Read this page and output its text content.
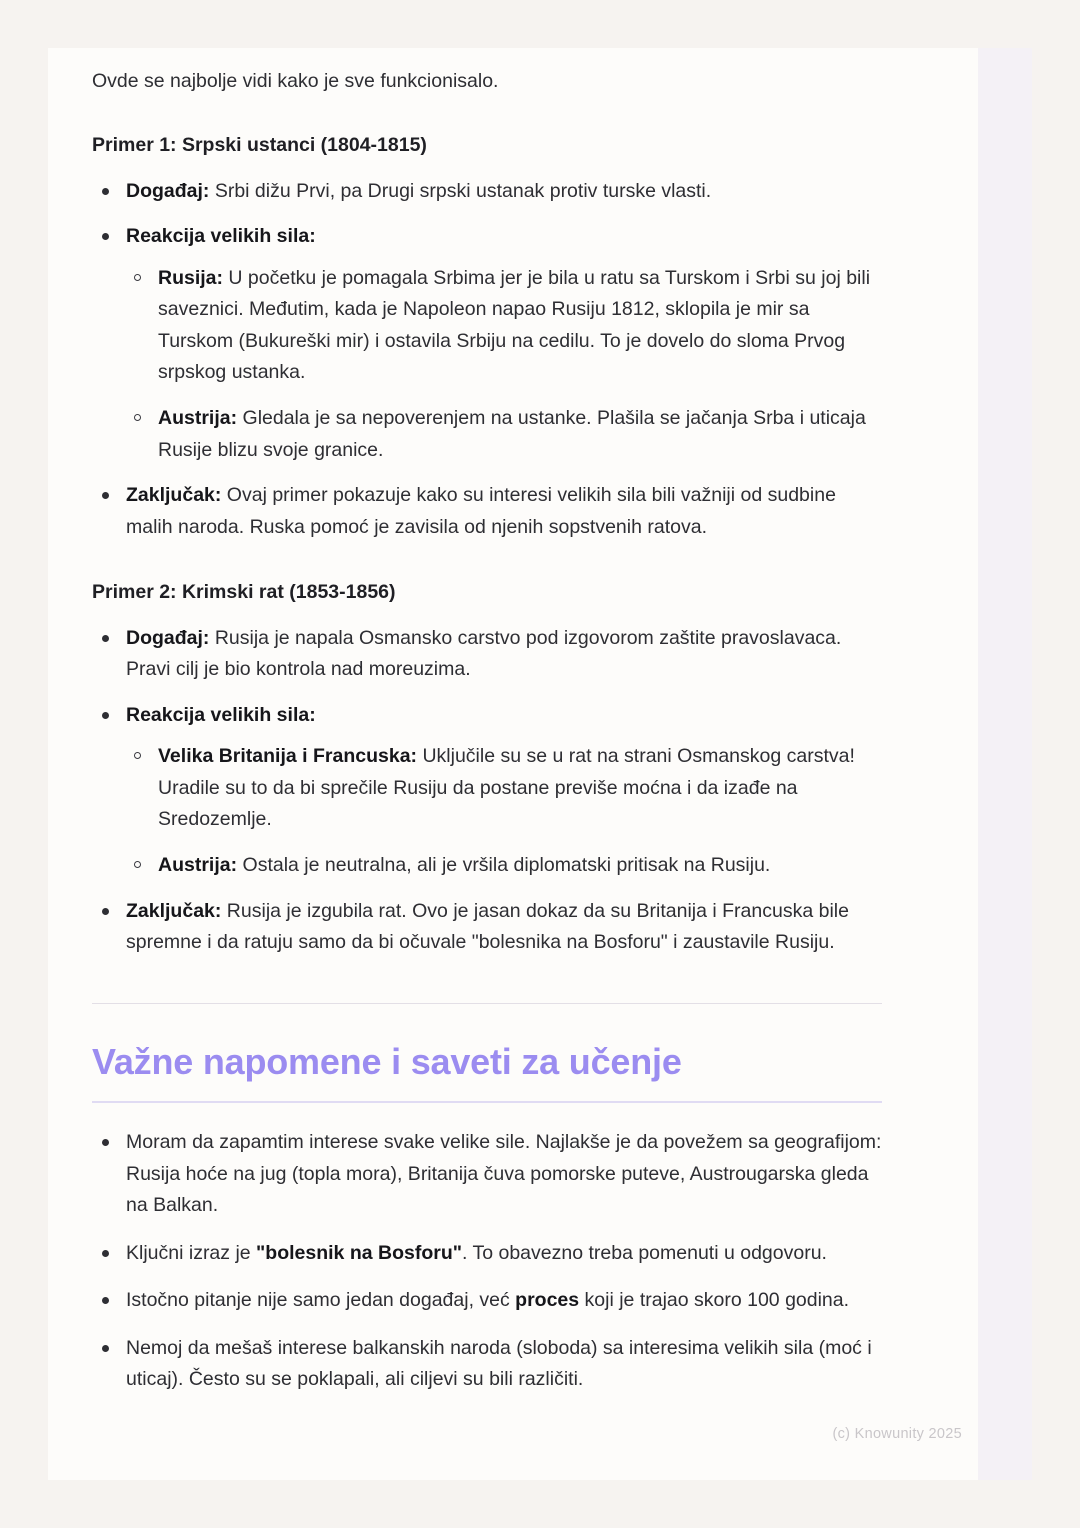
Ovde se najbolje vidi kako je sve funkcionisalo.

Primer 1: Srpski ustanci (1804-1815)
Događaj: Srbi dižu Prvi, pa Drugi srpski ustanak protiv turske vlasti.
Reakcija velikih sila:
Rusija: U početku je pomagala Srbima jer je bila u ratu sa Turskom i Srbi su joj bili saveznici. Međutim, kada je Napoleon napao Rusiju 1812, sklopila je mir sa Turskom (Bukureški mir) i ostavila Srbiju na cedilu. To je dovelo do sloma Prvog srpskog ustanka.
Austrija: Gledala je sa nepoverenjem na ustanke. Plašila se jačanja Srba i uticaja Rusije blizu svoje granice.
Zaključak: Ovaj primer pokazuje kako su interesi velikih sila bili važniji od sudbine malih naroda. Ruska pomoć je zavisila od njenih sopstvenih ratova.
Primer 2: Krimski rat (1853-1856)
Događaj: Rusija je napala Osmansko carstvo pod izgovorom zaštite pravoslavaca. Pravi cilj je bio kontrola nad moreuzima.
Reakcija velikih sila:
Velika Britanija i Francuska: Uključile su se u rat na strani Osmanskog carstva! Uradile su to da bi sprečile Rusiju da postane previše moćna i da izađe na Sredozemlje.
Austrija: Ostala je neutralna, ali je vršila diplomatski pritisak na Rusiju.
Zaključak: Rusija je izgubila rat. Ovo je jasan dokaz da su Britanija i Francuska bile spremne i da ratuju samo da bi očuvale "bolesnika na Bosforu" i zaustavile Rusiju.
Važne napomene i saveti za učenje
Moram da zapamtim interese svake velike sile. Najlakše je da povežem sa geografijom: Rusija hoće na jug (topla mora), Britanija čuva pomorske puteve, Austrougarska gleda na Balkan.
Ključni izraz je "bolesnik na Bosforu". To obavezno treba pomenuti u odgovoru.
Istočno pitanje nije samo jedan događaj, već proces koji je trajao skoro 100 godina.
Nemoj da mešaš interese balkanskih naroda (sloboda) sa interesima velikih sila (moć i uticaj). Često su se poklapali, ali ciljevi su bili različiti.
(c) Knowunity 2025
